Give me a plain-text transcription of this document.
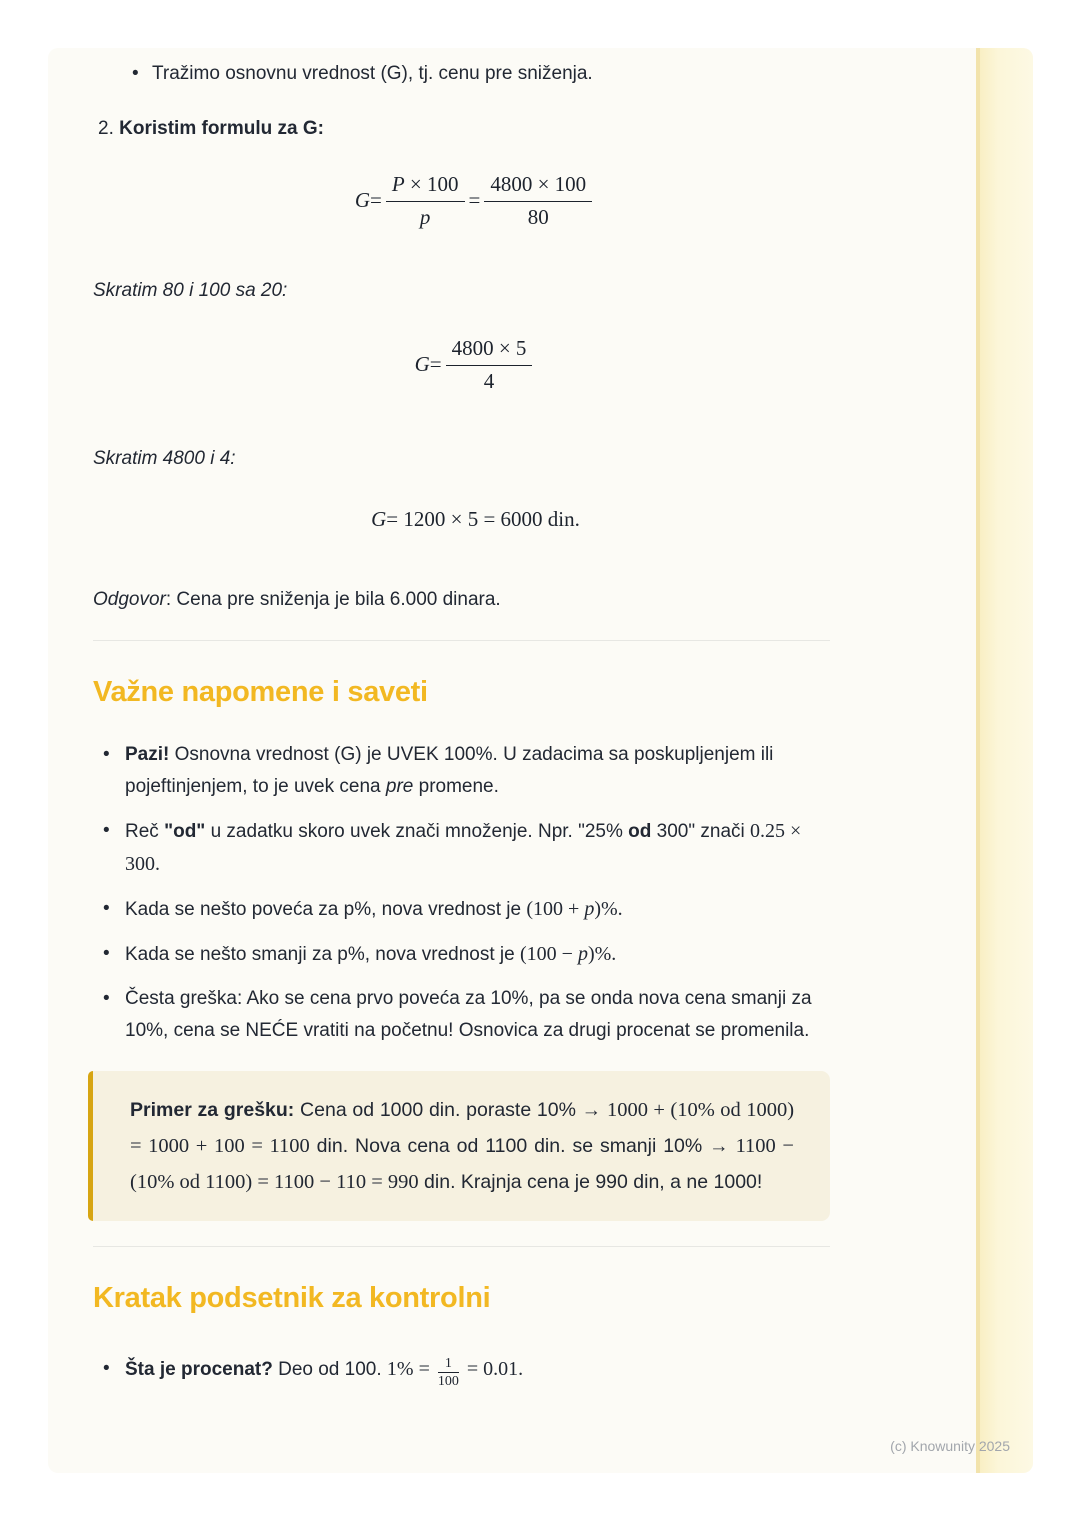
• Tražimo osnovnu vrednost (G), tj. cenu pre sniženja.
2. Koristim formulu za G:
$G = \frac{P \times 100}{p} = \frac{4800 \times 100}{80}$

Skratim 80 i 100 sa 20:

$G = \frac{4800 \times 5}{4}$

Skratim 4800 i 4:

G = 1200 × 5 = 6000 din.

Odgovor: Cena pre sniženja je bila 6.000 dinara.

Važne napomene i saveti
• Pazi! Osnovna vrednost (G) je UVEK 100%. U zadacima sa poskupljenjem ili pojeftinjenjem, to je uvek cena pre promene.
• Reč "od" u zadatku skoro uvek znači množenje. Npr. "25% od 300" znači 0.25 × 300.
• Kada se nešto poveća za p%, nova vrednost je (100 + p)%.
• Kada se nešto smanji za p%, nova vrednost je (100 − p)%.
• Česta greška: Ako se cena prvo poveća za 10%, pa se onda nova cena smanji za 10%, cena se NEĆE vratiti na početnu! Osnovica za drugi procenat se promenila.

Primer za grešku: Cena od 1000 din. poraste 10% → 1000 + (10% od 1000) = 1000 + 100 = 1100 din. Nova cena od 1100 din. se smanji 10% → 1100 − (10% od 1100) = 1100 − 110 = 990 din. Krajnja cena je 990 din, a ne 1000!

Kratak podsetnik za kontrolni
• Šta je procenat? Deo od 100. $1\% = \frac{1}{100} = 0.01$.
(c) Knowunity 2025
